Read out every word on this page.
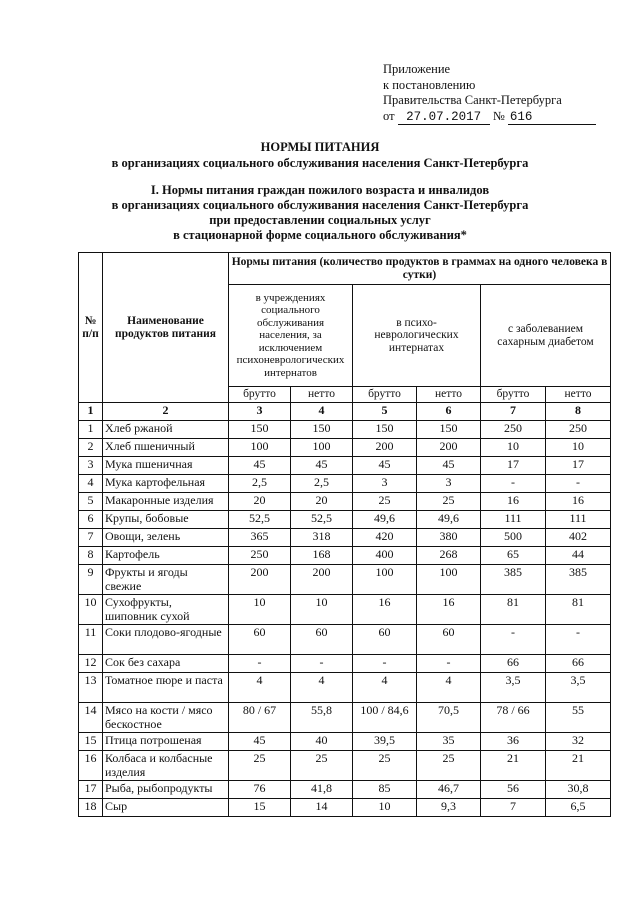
Приложение
к постановлению
Правительства Санкт-Петербурга
от 27.07.2017 № 616
НОРМЫ ПИТАНИЯ
в организациях социального обслуживания населения Санкт-Петербурга
I. Нормы питания граждан пожилого возраста и инвалидов
в организациях социального обслуживания населения Санкт-Петербурга
при предоставлении социальных услуг
в стационарной форме социального обслуживания*
№ п/п	Наименование продуктов питания	Нормы питания (количество продуктов в граммах на одного человека в сутки)					
		в учреждениях социального обслуживания населения, за исключением психоневрологических интернатов		в психо-неврологических интернатах		с заболеванием сахарным диабетом	
		брутто	нетто	брутто	нетто	брутто	нетто
1	2	3	4	5	6	7	8
1	Хлеб ржаной	150	150	150	150	250	250
2	Хлеб пшеничный	100	100	200	200	10	10
3	Мука пшеничная	45	45	45	45	17	17
4	Мука картофельная	2,5	2,5	3	3	-	-
5	Макаронные изделия	20	20	25	25	16	16
6	Крупы, бобовые	52,5	52,5	49,6	49,6	111	111
7	Овощи, зелень	365	318	420	380	500	402
8	Картофель	250	168	400	268	65	44
9	Фрукты и ягоды свежие	200	200	100	100	385	385
10	Сухофрукты, шиповник сухой	10	10	16	16	81	81
11	Соки плодово-ягодные	60	60	60	60	-	-
12	Сок без сахара	-	-	-	-	66	66
13	Томатное пюре и паста	4	4	4	4	3,5	3,5
14	Мясо на кости / мясо бескостное	80 / 67	55,8	100 / 84,6	70,5	78 / 66	55
15	Птица потрошеная	45	40	39,5	35	36	32
16	Колбаса и колбасные изделия	25	25	25	25	21	21
17	Рыба, рыбопродукты	76	41,8	85	46,7	56	30,8
18	Сыр	15	14	10	9,3	7	6,5
